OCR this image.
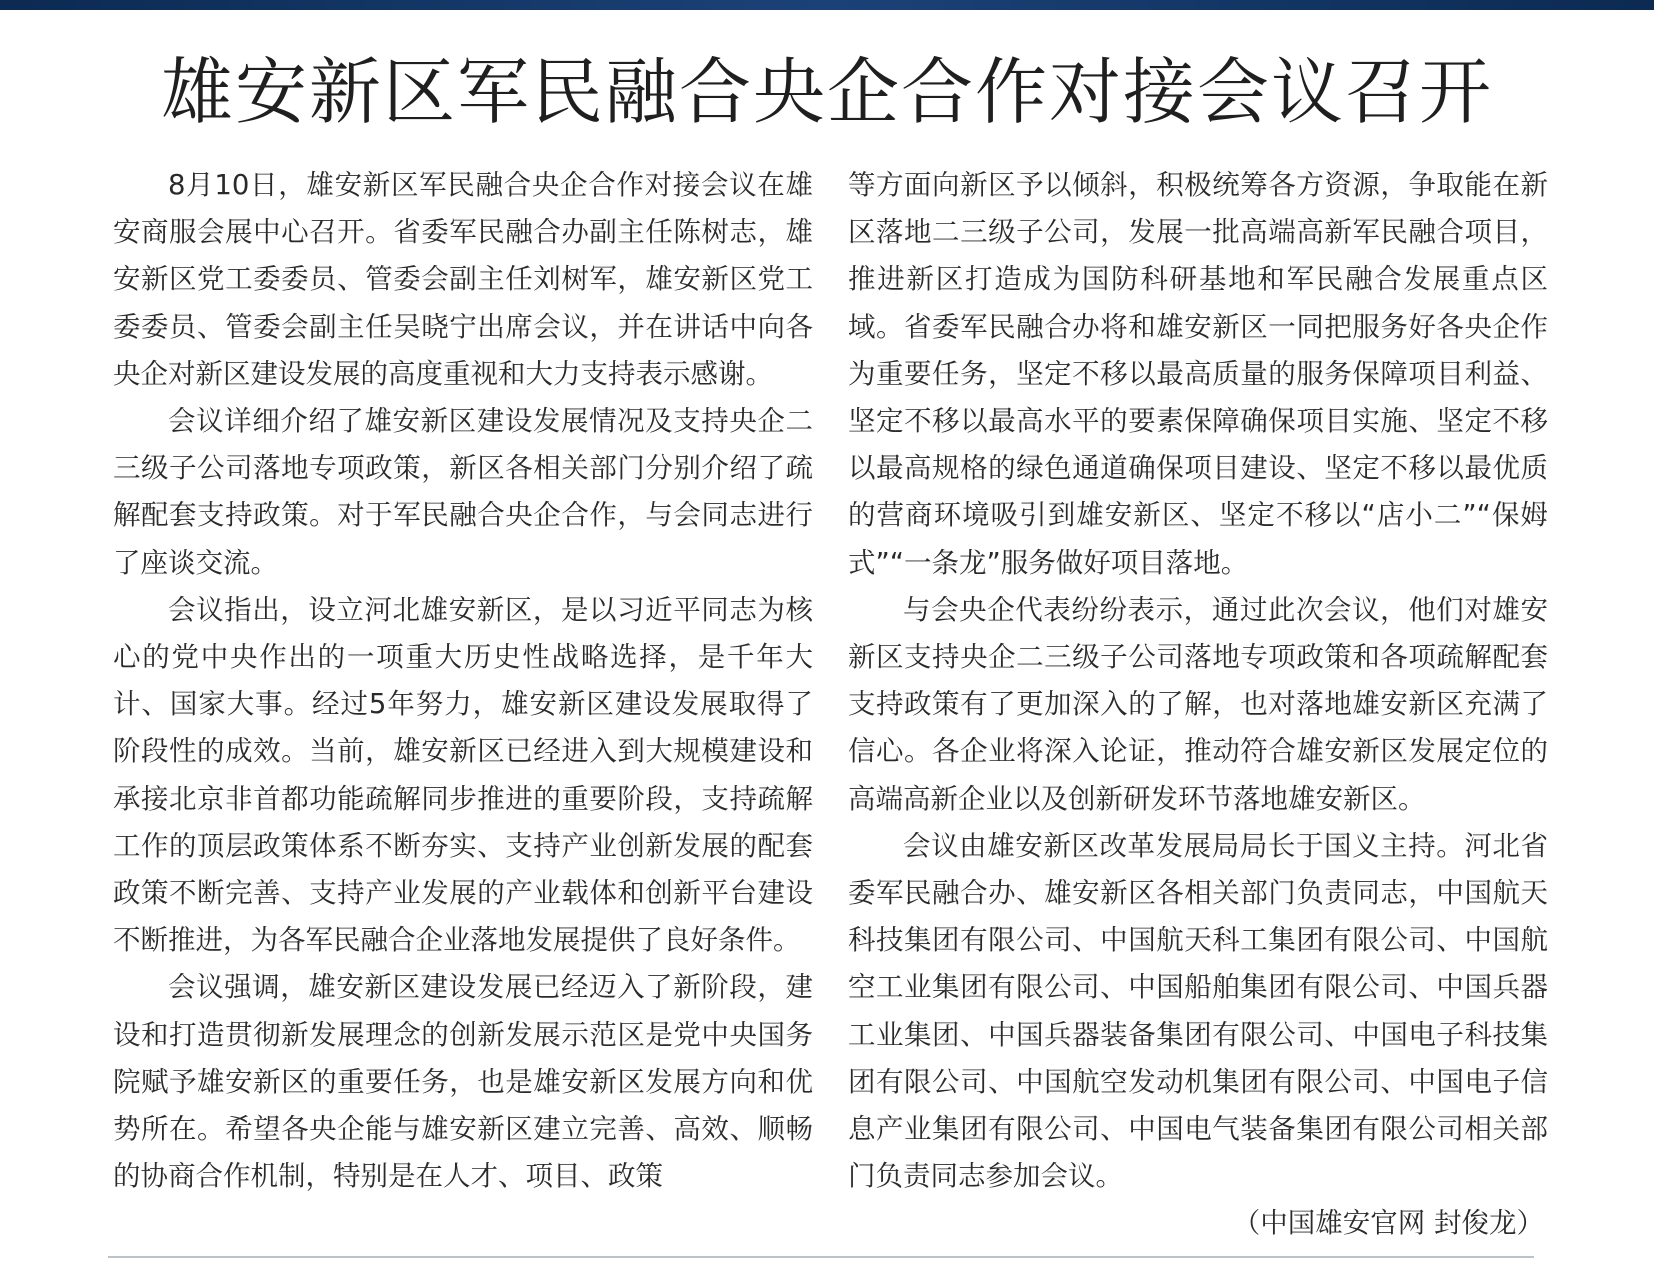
雄安新区军民融合央企合作对接会议召开

8月10日，雄安新区军民融合央企合作对接会议在雄安商服会展中心召开。省委军民融合办副主任陈树志，雄安新区党工委委员、管委会副主任刘树军，雄安新区党工委委员、管委会副主任吴晓宁出席会议，并在讲话中向各央企对新区建设发展的高度重视和大力支持表示感谢。

会议详细介绍了雄安新区建设发展情况及支持央企二三级子公司落地专项政策，新区各相关部门分别介绍了疏解配套支持政策。对于军民融合央企合作，与会同志进行了座谈交流。

会议指出，设立河北雄安新区，是以习近平同志为核心的党中央作出的一项重大历史性战略选择，是千年大计、国家大事。经过5年努力，雄安新区建设发展取得了阶段性的成效。当前，雄安新区已经进入到大规模建设和承接北京非首都功能疏解同步推进的重要阶段，支持疏解工作的顶层政策体系不断夯实、支持产业创新发展的配套政策不断完善、支持产业发展的产业载体和创新平台建设不断推进，为各军民融合企业落地发展提供了良好条件。

会议强调，雄安新区建设发展已经迈入了新阶段，建设和打造贯彻新发展理念的创新发展示范区是党中央国务院赋予雄安新区的重要任务，也是雄安新区发展方向和优势所在。希望各央企能与雄安新区建立完善、高效、顺畅的协商合作机制，特别是在人才、项目、政策

等方面向新区予以倾斜，积极统筹各方资源，争取能在新区落地二三级子公司，发展一批高端高新军民融合项目，推进新区打造成为国防科研基地和军民融合发展重点区域。省委军民融合办将和雄安新区一同把服务好各央企作为重要任务，坚定不移以最高质量的服务保障项目利益、坚定不移以最高水平的要素保障确保项目实施、坚定不移以最高规格的绿色通道确保项目建设、坚定不移以最优质的营商环境吸引到雄安新区、坚定不移以“店小二”“保姆式”“一条龙”服务做好项目落地。

与会央企代表纷纷表示，通过此次会议，他们对雄安新区支持央企二三级子公司落地专项政策和各项疏解配套支持政策有了更加深入的了解，也对落地雄安新区充满了信心。各企业将深入论证，推动符合雄安新区发展定位的高端高新企业以及创新研发环节落地雄安新区。

会议由雄安新区改革发展局局长于国义主持。河北省委军民融合办、雄安新区各相关部门负责同志，中国航天科技集团有限公司、中国航天科工集团有限公司、中国航空工业集团有限公司、中国船舶集团有限公司、中国兵器工业集团、中国兵器装备集团有限公司、中国电子科技集团有限公司、中国航空发动机集团有限公司、中国电子信息产业集团有限公司、中国电气装备集团有限公司相关部门负责同志参加会议。

（中国雄安官网 封俊龙）
